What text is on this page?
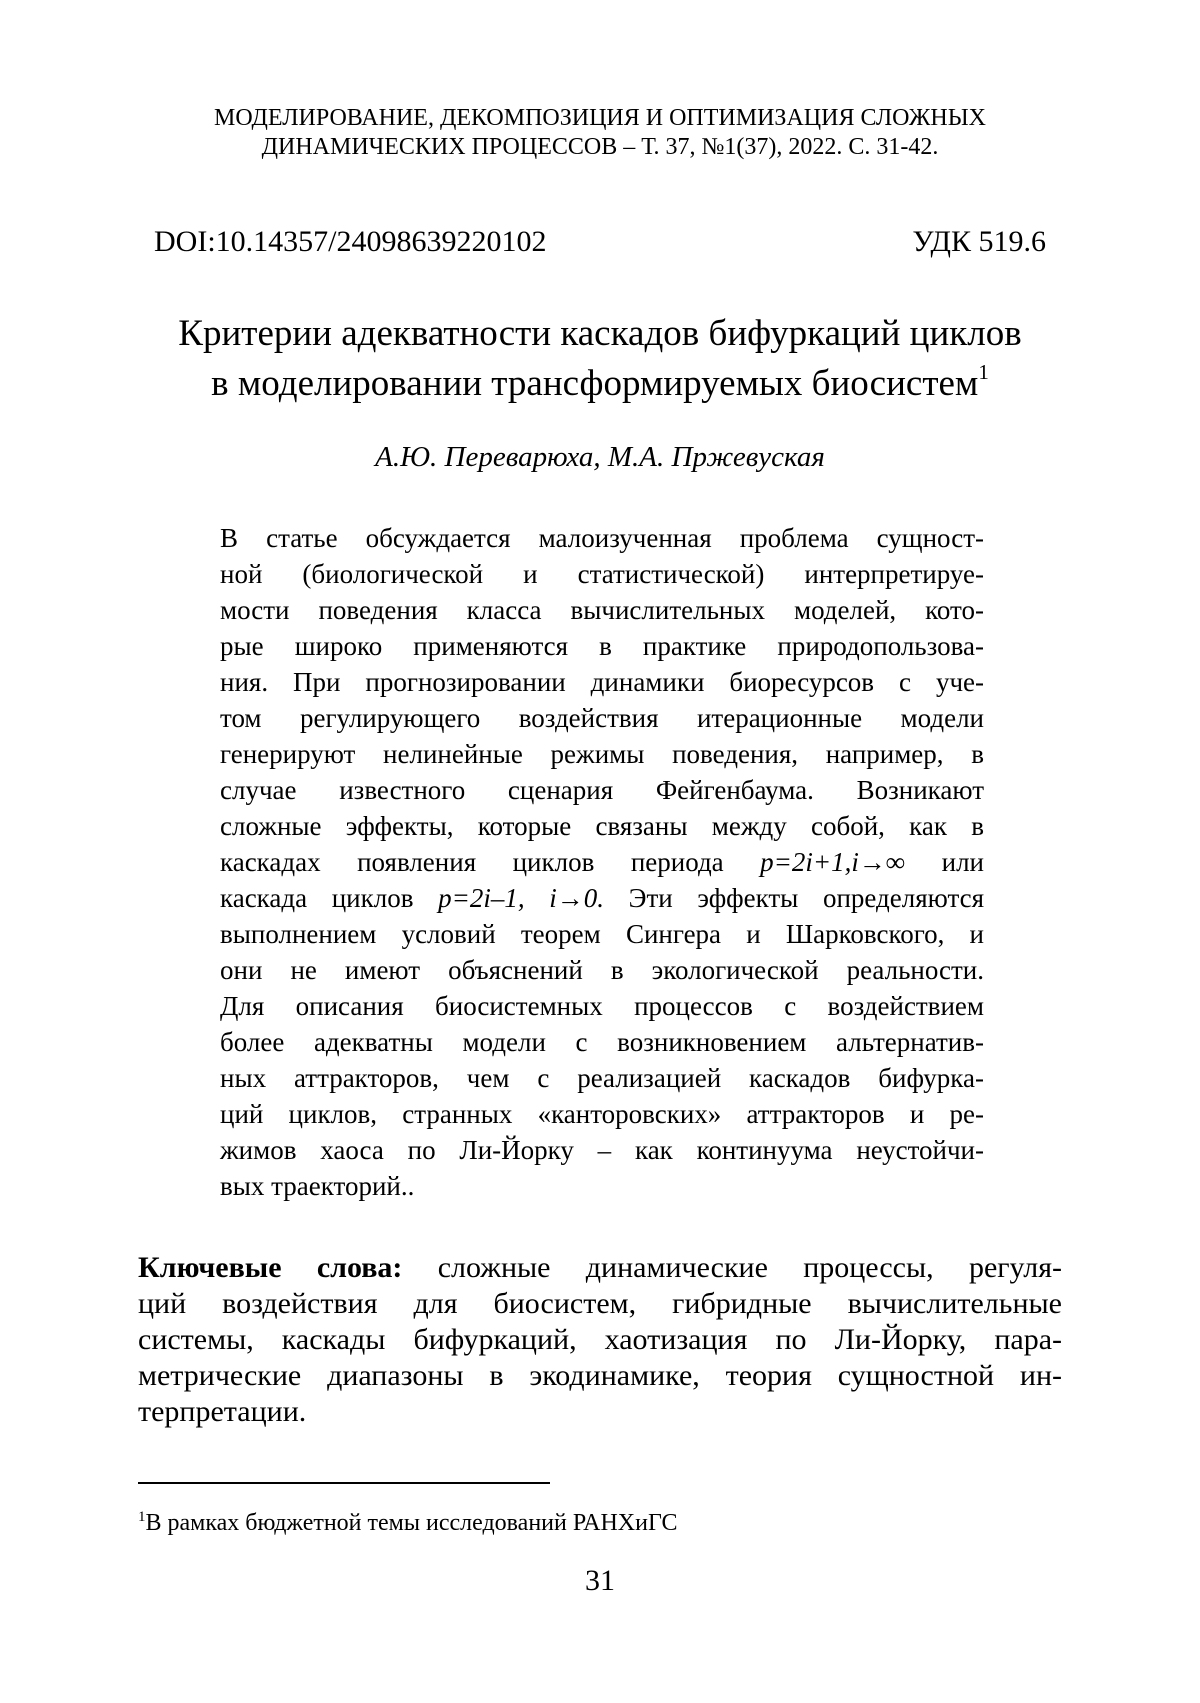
МОДЕЛИРОВАНИЕ, ДЕКОМПОЗИЦИЯ И ОПТИМИЗАЦИЯ СЛОЖНЫХ
ДИНАМИЧЕСКИХ ПРОЦЕССОВ – Т. 37, №1(37), 2022. С. 31-42.
DOI:10.14357/24098639220102	УДК 519.6
Критерии адекватности каскадов бифуркаций циклов
в моделировании трансформируемых биосистем$^1$
А.Ю. Переварюха, М.А. Пржевуская
В статье обсуждается малоизученная проблема сущност-
ной (биологической и статистической) интерпретируе-
мости поведения класса вычислительных моделей, кото-
рые широко применяются в практике природопользова-
ния. При прогнозировании динамики биоресурсов с уче-
том регулирующего воздействия итерационные модели
генерируют нелинейные режимы поведения, например, в
случае известного сценария Фейгенбаума. Возникают
сложные эффекты, которые связаны между собой, как в
каскадах появления циклов периода p=2i+1,i→∞ или
каскада циклов p=2i–1, i→0. Эти эффекты определяются
выполнением условий теорем Сингера и Шарковского, и
они не имеют объяснений в экологической реальности.
Для описания биосистемных процессов с воздействием
более адекватны модели с возникновением альтернатив-
ных аттракторов, чем с реализацией каскадов бифурка-
ций циклов, странных «канторовских» аттракторов и ре-
жимов хаоса по Ли-Йорку – как континуума неустойчи-
вых траекторий..
Ключевые слова: сложные динамические процессы, регуля-
ций воздействия для биосистем, гибридные вычислительные
системы, каскады бифуркаций, хаотизация по Ли-Йорку, пара-
метрические диапазоны в экодинамике, теория сущностной ин-
терпретации.
$^1$В рамках бюджетной темы исследований РАНХиГС
31
